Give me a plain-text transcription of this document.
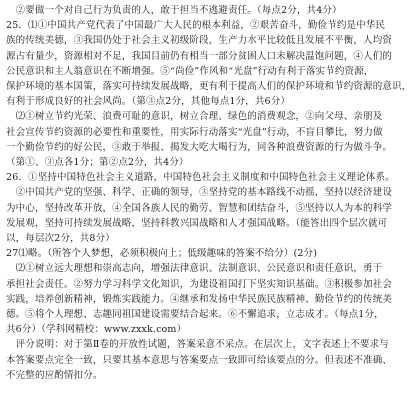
　②要做一个对自己行为负责的人，敢于担当不逃避责任。（每点2分，共4分）
25．⑴①中国共产党代表了中国最广大人民的根本利益，②艰苦奋斗，勤俭节约是中华民
族的传统美德，③我国仍处于社会主义初级阶段，生产力水平比较低且发展不平衡，人均资
源占有量少，资源相对不足，我国目前仍有相当一部分贫困人口未解决温饱问题，④人们的
公民意识和主人翁意识在不断增强。⑤“尚俭”作风和“光盘”行动有利于落实节约资源，
保护环境的基本国策，落实可持续发展战略，更有利于提高人们的保护环境和节约资源的意识，
有利于形成良好的社会风尚。（第③点2分，其他每点1分，共6分）
　⑵①树立节约光荣、浪费可耻的意识，树立合理、绿色的消费观念，②向父母、亲朋及
社会宣传节约资源的必要性和重要性，用实际行动落实“光盘”行动，不盲目攀比，努力做
一个勤俭节约的好公民，③敢于举报、揭发大吃大喝行为，同各种浪费资源的行为做斗争。
（第①、③点各1分；第②点2分，共4分）
26．①坚持中国特色社会主义道路，中国特色社会主义制度和中国特色社会主义理论体系。
　②中国共产党的坚强、科学、正确的领导，③坚持党的基本路线不动摇，坚持以经济建设
为中心，坚持改革开放，④全国各族人民的勤劳、智慧和团结奋斗，⑤坚持以人为本的科学
发展观，坚持可持续发展战略，坚持科教兴国战略和人才强国战略。（能答出四个层次就可
以，每层次2分，共8分）
27⑴略。（所答个人梦想，必须积极向上；低级趣味的答案不给分）(2分)
　⑵①树立远大理想和崇高志向，增强法律意识、法制意识、公民意识和责任意识，勇于
承担社会责任。②努力学习科学文化知识，为建设祖国打下坚实知识基础。③积极参加社会
实践，培养创新精神，锻炼实践能力。④继承和发扬中华民族民族精神、勤俭节约的传统美
德。⑤将个人理想、志趣同祖国建设需要结合起来。⑥不懈追求，立志成才。（每点1分，
共6分）（学科网精校：www.zxxk.com）
　评分说明：对于第Ⅱ卷的开放性试题，答案采意不采点。在层次上，文字表述上不要求与
本答案要点完全一致，只要其基本意思与答案要点一致即可给该要点的分。但表述不准确、
不完整的应酌情扣分。
